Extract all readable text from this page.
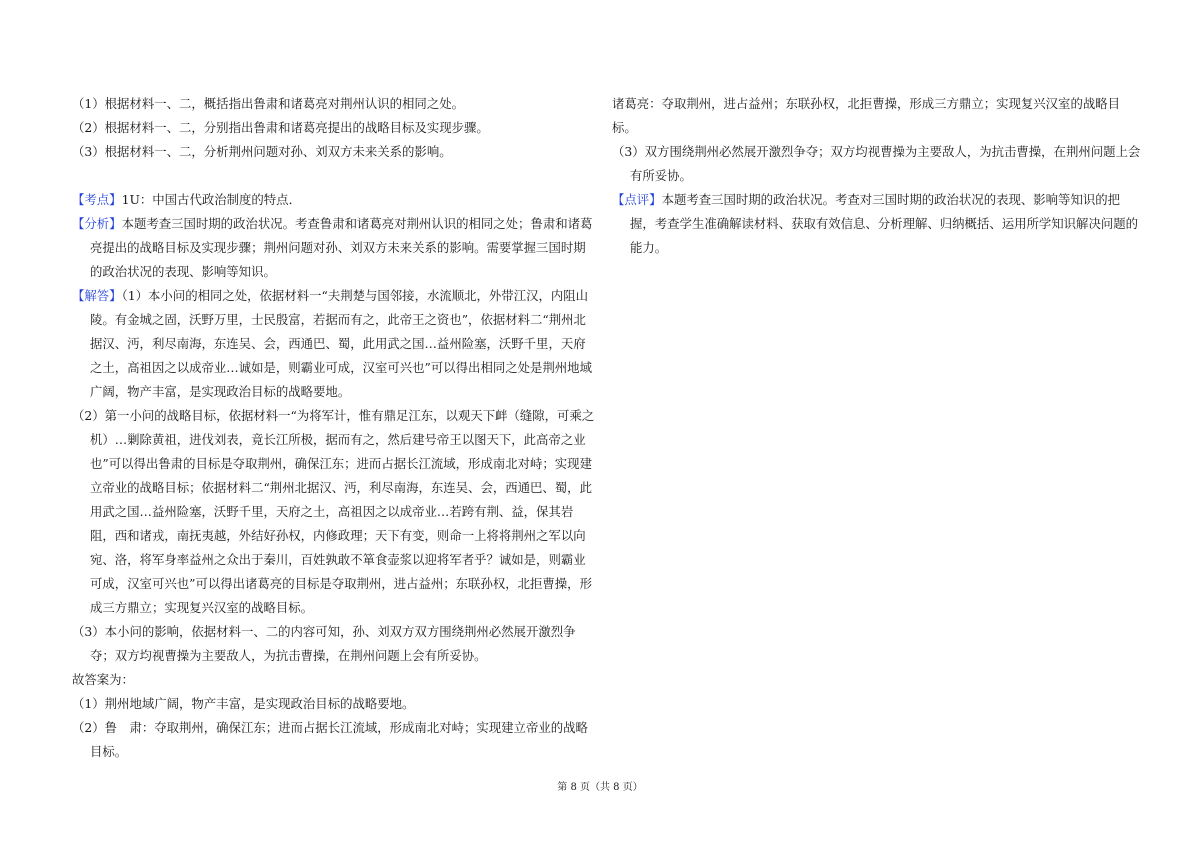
（1）根据材料一、二，概括指出鲁肃和诸葛亮对荆州认识的相同之处。

（2）根据材料一、二，分别指出鲁肃和诸葛亮提出的战略目标及实现步骤。

（3）根据材料一、二，分析荆州问题对孙、刘双方未来关系的影响。

【考点】1U：中国古代政治制度的特点．

【分析】本题考查三国时期的政治状况。考查鲁肃和诸葛亮对荆州认识的相同之处；鲁肃和诸葛亮提出的战略目标及实现步骤；荆州问题对孙、刘双方未来关系的影响。需要掌握三国时期的政治状况的表现、影响等知识。

【解答】（1）本小问的相同之处，依据材料一“夫荆楚与国邻接，水流顺北，外带江汉，内阻山陵。有金城之固，沃野万里，士民殷富，若据而有之，此帝王之资也”，依据材料二“荆州北据汉、沔，利尽南海，东连吴、会，西通巴、蜀，此用武之国…益州险塞，沃野千里，天府之土，高祖因之以成帝业…诚如是，则霸业可成，汉室可兴也”可以得出相同之处是荆州地域广阔，物产丰富，是实现政治目标的战略要地。

（2）第一小问的战略目标，依据材料一“为将军计，惟有鼎足江东，以观天下衅（缝隙，可乘之机）…剿除黄祖，进伐刘表，竟长江所极，据而有之，然后建号帝王以图天下，此高帝之业也”可以得出鲁肃的目标是夺取荆州，确保江东；进而占据长江流域，形成南北对峙；实现建立帝业的战略目标；依据材料二“荆州北据汉、沔，利尽南海，东连吴、会，西通巴、蜀，此用武之国…益州险塞，沃野千里，天府之土，高祖因之以成帝业…若跨有荆、益，保其岩阻，西和诸戎，南抚夷越，外结好孙权，内修政理；天下有变，则命一上将将荆州之军以向宛、洛，将军身率益州之众出于秦川，百姓孰敢不箪食壶浆以迎将军者乎？诚如是，则霸业可成，汉室可兴也”可以得出诸葛亮的目标是夺取荆州，进占益州；东联孙权，北拒曹操，形成三方鼎立；实现复兴汉室的战略目标。

（3）本小问的影响，依据材料一、二的内容可知，孙、刘双方双方围绕荆州必然展开激烈争夺；双方均视曹操为主要敌人，为抗击曹操，在荆州问题上会有所妥协。

故答案为：

（1）荆州地域广阔，物产丰富，是实现政治目标的战略要地。

（2）鲁　肃：夺取荆州，确保江东；进而占据长江流域，形成南北对峙；实现建立帝业的战略目标。

诸葛亮：夺取荆州，进占益州；东联孙权，北拒曹操，形成三方鼎立；实现复兴汉室的战略目标。

（3）双方围绕荆州必然展开激烈争夺；双方均视曹操为主要敌人，为抗击曹操，在荆州问题上会有所妥协。

【点评】本题考查三国时期的政治状况。考查对三国时期的政治状况的表现、影响等知识的把握，考查学生准确解读材料、获取有效信息、分析理解、归纳概括、运用所学知识解决问题的能力。

第 8 页（共 8 页）
